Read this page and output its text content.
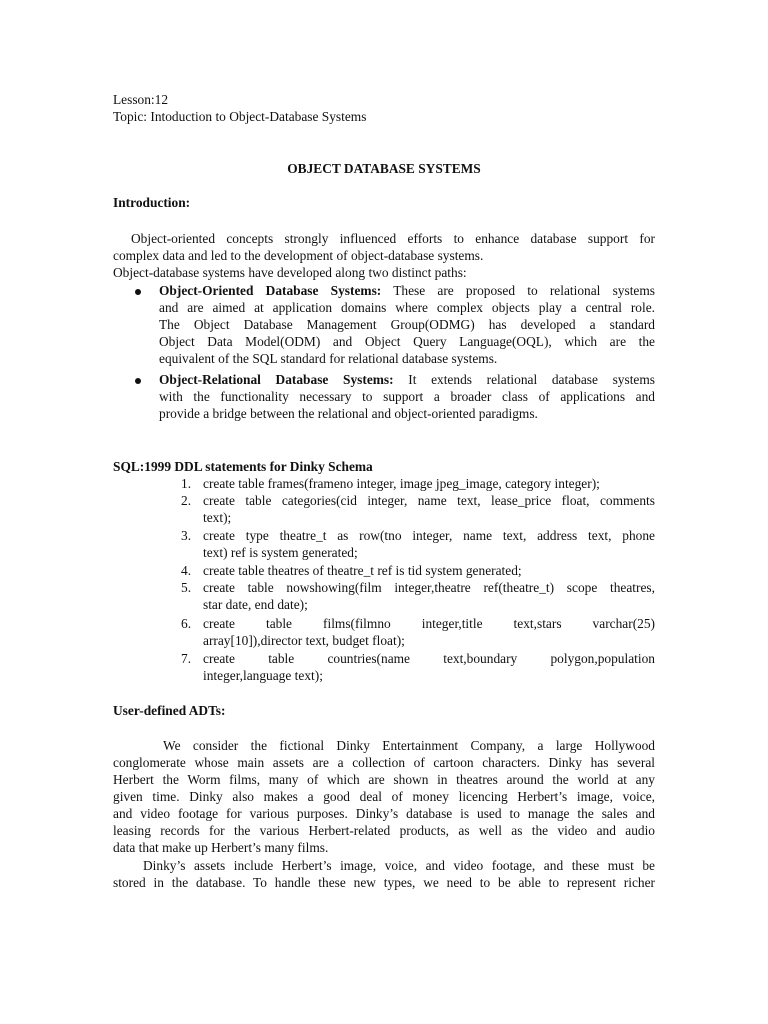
Lesson:12
Topic: Intoduction to Object-Database Systems
OBJECT DATABASE SYSTEMS
Introduction:
Object-oriented concepts strongly influenced efforts to enhance database support for
complex data and led to the development of object-database systems.
Object-database systems have developed along two distinct paths:
Object-Oriented Database Systems: These are proposed to relational systems
and are aimed at application domains where complex objects play a central role.
The Object Database Management Group(ODMG) has developed a standard
Object Data Model(ODM) and Object Query Language(OQL), which are the
equivalent of the SQL standard for relational database systems.
Object-Relational Database Systems: It extends relational database systems
with the functionality necessary to support a broader class of applications and
provide a bridge between the relational and object-oriented paradigms.
SQL:1999 DDL statements for Dinky Schema
1. create table frames(frameno integer, image jpeg_image, category integer);
2. create table categories(cid integer, name text, lease_price float, comments
text);
3. create type theatre_t as row(tno integer, name text, address text, phone
text) ref is system generated;
4. create table theatres of theatre_t ref is tid system generated;
5. create table nowshowing(film integer,theatre ref(theatre_t) scope theatres,
star date, end date);
6. create table films(filmno integer,title text,stars varchar(25)
array[10]),director text, budget float);
7. create table countries(name text,boundary polygon,population
integer,language text);
User-defined ADTs:
We consider the fictional Dinky Entertainment Company, a large Hollywood
conglomerate whose main assets are a collection of cartoon characters. Dinky has several
Herbert the Worm films, many of which are shown in theatres around the world at any
given time. Dinky also makes a good deal of money licencing Herbert’s image, voice,
and video footage for various purposes. Dinky’s database is used to manage the sales and
leasing records for the various Herbert-related products, as well as the video and audio
data that make up Herbert’s many films.
Dinky’s assets include Herbert’s image, voice, and video footage, and these must be
stored in the database. To handle these new types, we need to be able to represent richer
